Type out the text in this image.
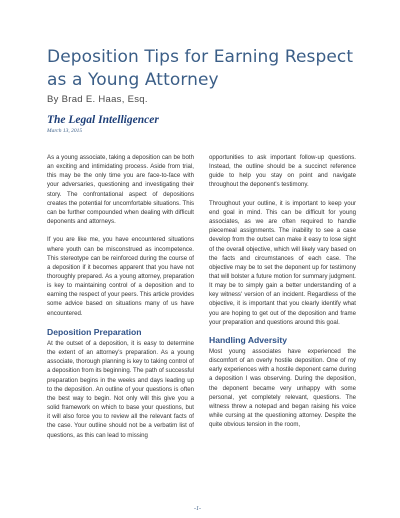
Deposition Tips for Earning Respect as a Young Attorney

By Brad E. Haas, Esq.

The Legal Intelligencer

March 13, 2015

As a young associate, taking a deposition can be both an exciting and intimidating process. Aside from trial, this may be the only time you are face-to-face with your adversaries, questioning and investigating their story. The confrontational aspect of depositions creates the potential for uncomfortable situations. This can be further compounded when dealing with difficult deponents and attorneys.

If you are like me, you have encountered situations where youth can be misconstrued as incompetence. This stereotype can be reinforced during the course of a deposition if it becomes apparent that you have not thoroughly prepared. As a young attorney, preparation is key to maintaining control of a deposition and to earning the respect of your peers. This article provides some advice based on situations many of us have encountered.

Deposition Preparation

At the outset of a deposition, it is easy to determine the extent of an attorney's preparation. As a young associate, thorough planning is key to taking control of a deposition from its beginning. The path of successful preparation begins in the weeks and days leading up to the deposition. An outline of your questions is often the best way to begin. Not only will this give you a solid framework on which to base your questions, but it will also force you to review all the relevant facts of the case. Your outline should not be a verbatim list of questions, as this can lead to missing

opportunities to ask important follow-up questions. Instead, the outline should be a succinct reference guide to help you stay on point and navigate throughout the deponent's testimony.

Throughout your outline, it is important to keep your end goal in mind. This can be difficult for young associates, as we are often required to handle piecemeal assignments. The inability to see a case develop from the outset can make it easy to lose sight of the overall objective, which will likely vary based on the facts and circumstances of each case. The objective may be to set the deponent up for testimony that will bolster a future motion for summary judgment. It may be to simply gain a better understanding of a key witness' version of an incident. Regardless of the objective, it is important that you clearly identify what you are hoping to get out of the deposition and frame your preparation and questions around this goal.

Handling Adversity

Most young associates have experienced the discomfort of an overly hostile deposition. One of my early experiences with a hostile deponent came during a deposition I was observing. During the deposition, the deponent became very unhappy with some personal, yet completely relevant, questions. The witness threw a notepad and began raising his voice while cursing at the questioning attorney. Despite the quite obvious tension in the room,

-1-
